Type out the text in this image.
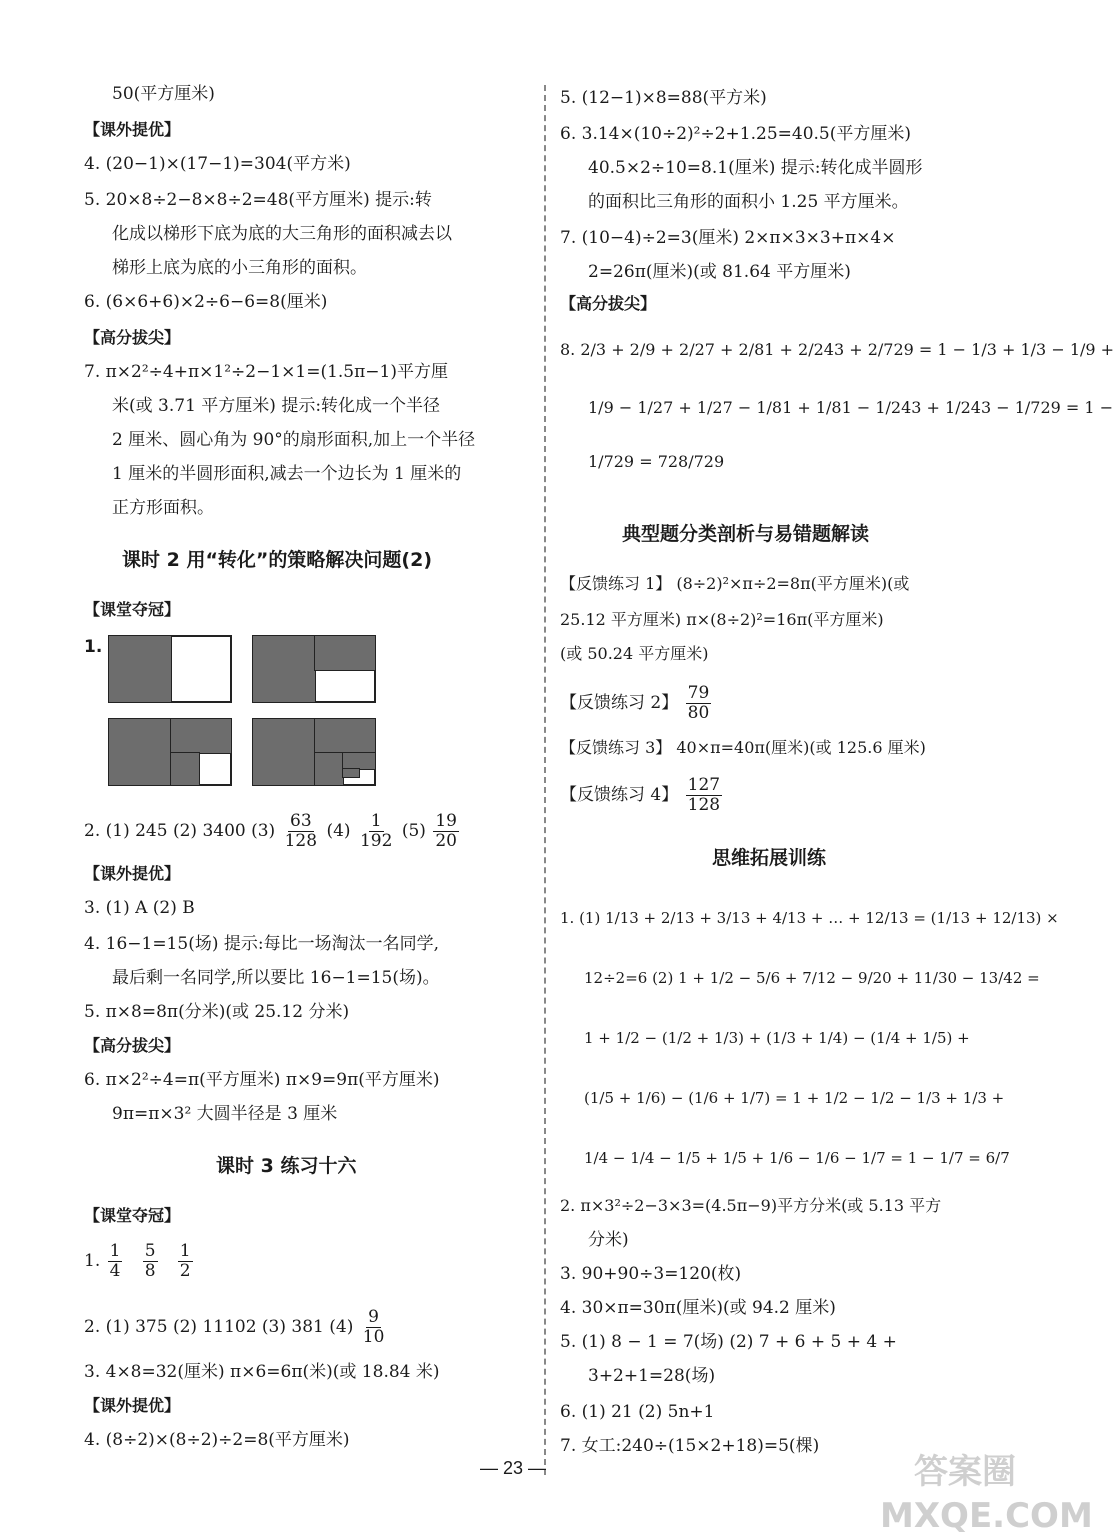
50(平方厘米)
【课外提优】
4. (20−1)×(17−1)=304(平方米)
5. 20×8÷2−8×8÷2=48(平方厘米) 提示:转
化成以梯形下底为底的大三角形的面积减去以
梯形上底为底的小三角形的面积。
6. (6×6+6)×2÷6−6=8(厘米)
【高分拔尖】
7. π×2²÷4+π×1²÷2−1×1=(1.5π−1)平方厘
米(或 3.71 平方厘米) 提示:转化成一个半径
2 厘米、圆心角为 90°的扇形面积,加上一个半径
1 厘米的半圆形面积,减去一个边长为 1 厘米的
正方形面积。
课时 2 用“转化”的策略解决问题(2)
【课堂夺冠】
1.
2. (1) 245 (2) 3400 $(3) \frac{63}{128} (4) \frac{1}{192} (5) \frac{19}{20}$
【课外提优】
3. (1) A (2) B
4. 16−1=15(场) 提示:每比一场淘汰一名同学,
最后剩一名同学,所以要比 16−1=15(场)。
5. π×8=8π(分米)(或 25.12 分米)
【高分拔尖】
6. π×2²÷4=π(平方厘米) π×9=9π(平方厘米)
9π=π×3² 大圆半径是 3 厘米
课时 3 练习十六
【课堂夺冠】
1. $\frac{1}{4}$
$\frac{5}{8}$
$\frac{1}{2}$
2. (1) 375 (2) 11102 (3) 381 $(4) \frac{9}{10}$
3. 4×8=32(厘米) π×6=6π(米)(或 18.84 米)
【课外提优】
4. (8÷2)×(8÷2)÷2=8(平方厘米)
5. (12−1)×8=88(平方米)
6. 3.14×(10÷2)²÷2+1.25=40.5(平方厘米)
40.5×2÷10=8.1(厘米) 提示:转化成半圆形
的面积比三角形的面积小 1.25 平方厘米。
7. (10−4)÷2=3(厘米) 2×π×3×3+π×4×
2=26π(厘米)(或 81.64 平方厘米)
【高分拔尖】
8. 2/3 + 2/9 + 2/27 + 2/81 + 2/243 + 2/729 = 1 − 1/3 + 1/3 − 1/9 +
1/9 − 1/27 + 1/27 − 1/81 + 1/81 − 1/243 + 1/243 − 1/729 = 1 −
1/729 = 728/729
典型题分类剖析与易错题解读
【反馈练习 1】 (8÷2)²×π÷2=8π(平方厘米)(或
25.12 平方厘米) π×(8÷2)²=16π(平方厘米)
(或 50.24 平方厘米)
【反馈练习 2】 $\frac{79}{80}$
【反馈练习 3】 40×π=40π(厘米)(或 125.6 厘米)
【反馈练习 4】 $\frac{127}{128}$
思维拓展训练
1. (1) 1/13 + 2/13 + 3/13 + 4/13 + … + 12/13 = (1/13 + 12/13) ×
12÷2=6 (2) 1 + 1/2 − 5/6 + 7/12 − 9/20 + 11/30 − 13/42 =
1 + 1/2 − (1/2 + 1/3) + (1/3 + 1/4) − (1/4 + 1/5) +
(1/5 + 1/6) − (1/6 + 1/7) = 1 + 1/2 − 1/2 − 1/3 + 1/3 +
1/4 − 1/4 − 1/5 + 1/5 + 1/6 − 1/6 − 1/7 = 1 − 1/7 = 6/7
2. π×3²÷2−3×3=(4.5π−9)平方分米(或 5.13 平方
分米)
3. 90+90÷3=120(枚)
4. 30×π=30π(厘米)(或 94.2 厘米)
5. (1) 8 − 1 = 7(场) (2) 7 + 6 + 5 + 4 +
3+2+1=28(场)
6. (1) 21 (2) 5n+1
7. 女工:240÷(15×2+18)=5(棵)
— 23 —	答案圈 MXQE.COM
